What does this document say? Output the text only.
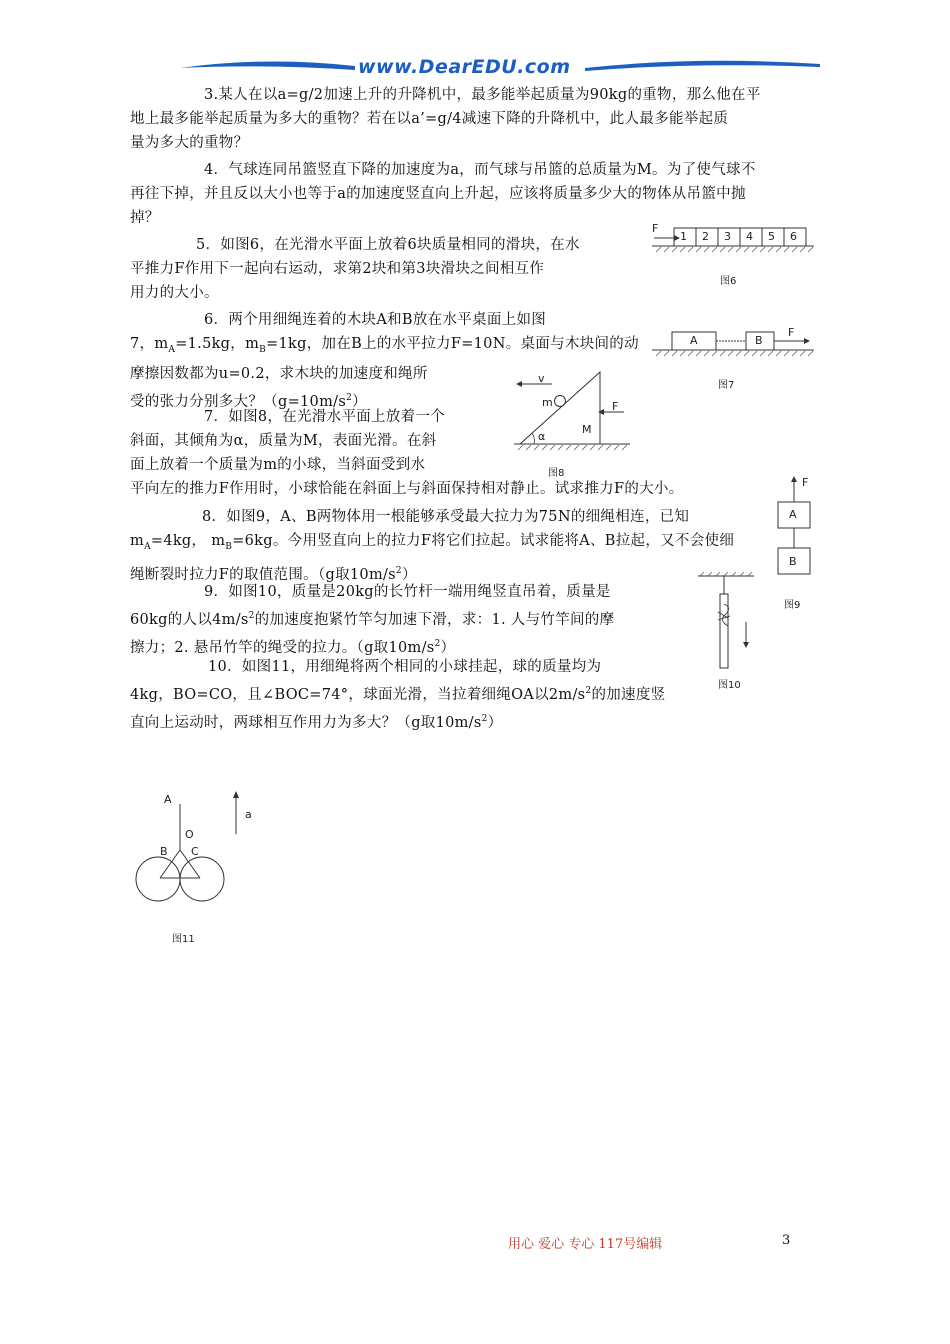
www.DearEDU.com
3.某人在以a=g/2加速上升的升降机中，最多能举起质量为90kg的重物，那么他在平
地上最多能举起质量为多大的重物？若在以a’=g/4减速下降的升降机中，此人最多能举起质
量为多大的重物？
4．气球连同吊篮竖直下降的加速度为a，而气球与吊篮的总质量为M。为了使气球不
再往下掉，并且反以大小也等于a的加速度竖直向上升起，应该将质量多少大的物体从吊篮中抛
掉？
5．如图6，在光滑水平面上放着6块质量相同的滑块，在水
平推力F作用下一起向右运动，求第2块和第3块滑块之间相互作
用力的大小。
F
1 2 3 4 5 6
图6
6．两个用细绳连着的木块A和B放在水平桌面上如图
7，$m_A=1.5kg$，$m_B=1kg$，加在B上的水平拉力F=10N。桌面与木块间的动
摩擦因数都为u=0.2，求木块的加速度和绳所
受的张力分别多大？$(g=10m/s^2)$
A	B
F
图7
v
m	F
M
α
图8
7．如图8，在光滑水平面上放着一个
斜面，其倾角为α，质量为M，表面光滑。在斜
面上放着一个质量为m的小球，当斜面受到水
平向左的推力F作用时，小球恰能在斜面上与斜面保持相对静止。试求推力F的大小。	F
A
B
图9
8．如图9，A、B两物体用一根能够承受最大拉力为75N的细绳相连，已知
$m_A=4kg$， $m_B=6kg$。今用竖直向上的拉力F将它们拉起。试求能将A、B拉起，又不会使细
绳断裂时拉力F的取值范围。（g取$10m/s^2$）
图10
9．如图10，质量是20kg的长竹杆一端用绳竖直吊着，质量是
60kg的人以$4m/s^2$的加速度抱紧竹竿匀加速下滑，求：1. 人与竹竿间的摩
擦力；2. 悬吊竹竿的绳受的拉力。（g取$10m/s^2$）
10．如图11，用细绳将两个相同的小球挂起，球的质量均为
4kg，BO=CO，且∠BOC=74°，球面光滑，当拉着细绳OA以$2m/s^2$的加速度竖
直向上运动时，两球相互作用力为多大？（g取$10m/s^2$）
A
O
B C
a
图11
用心 爱心 专心 117号编辑	3
